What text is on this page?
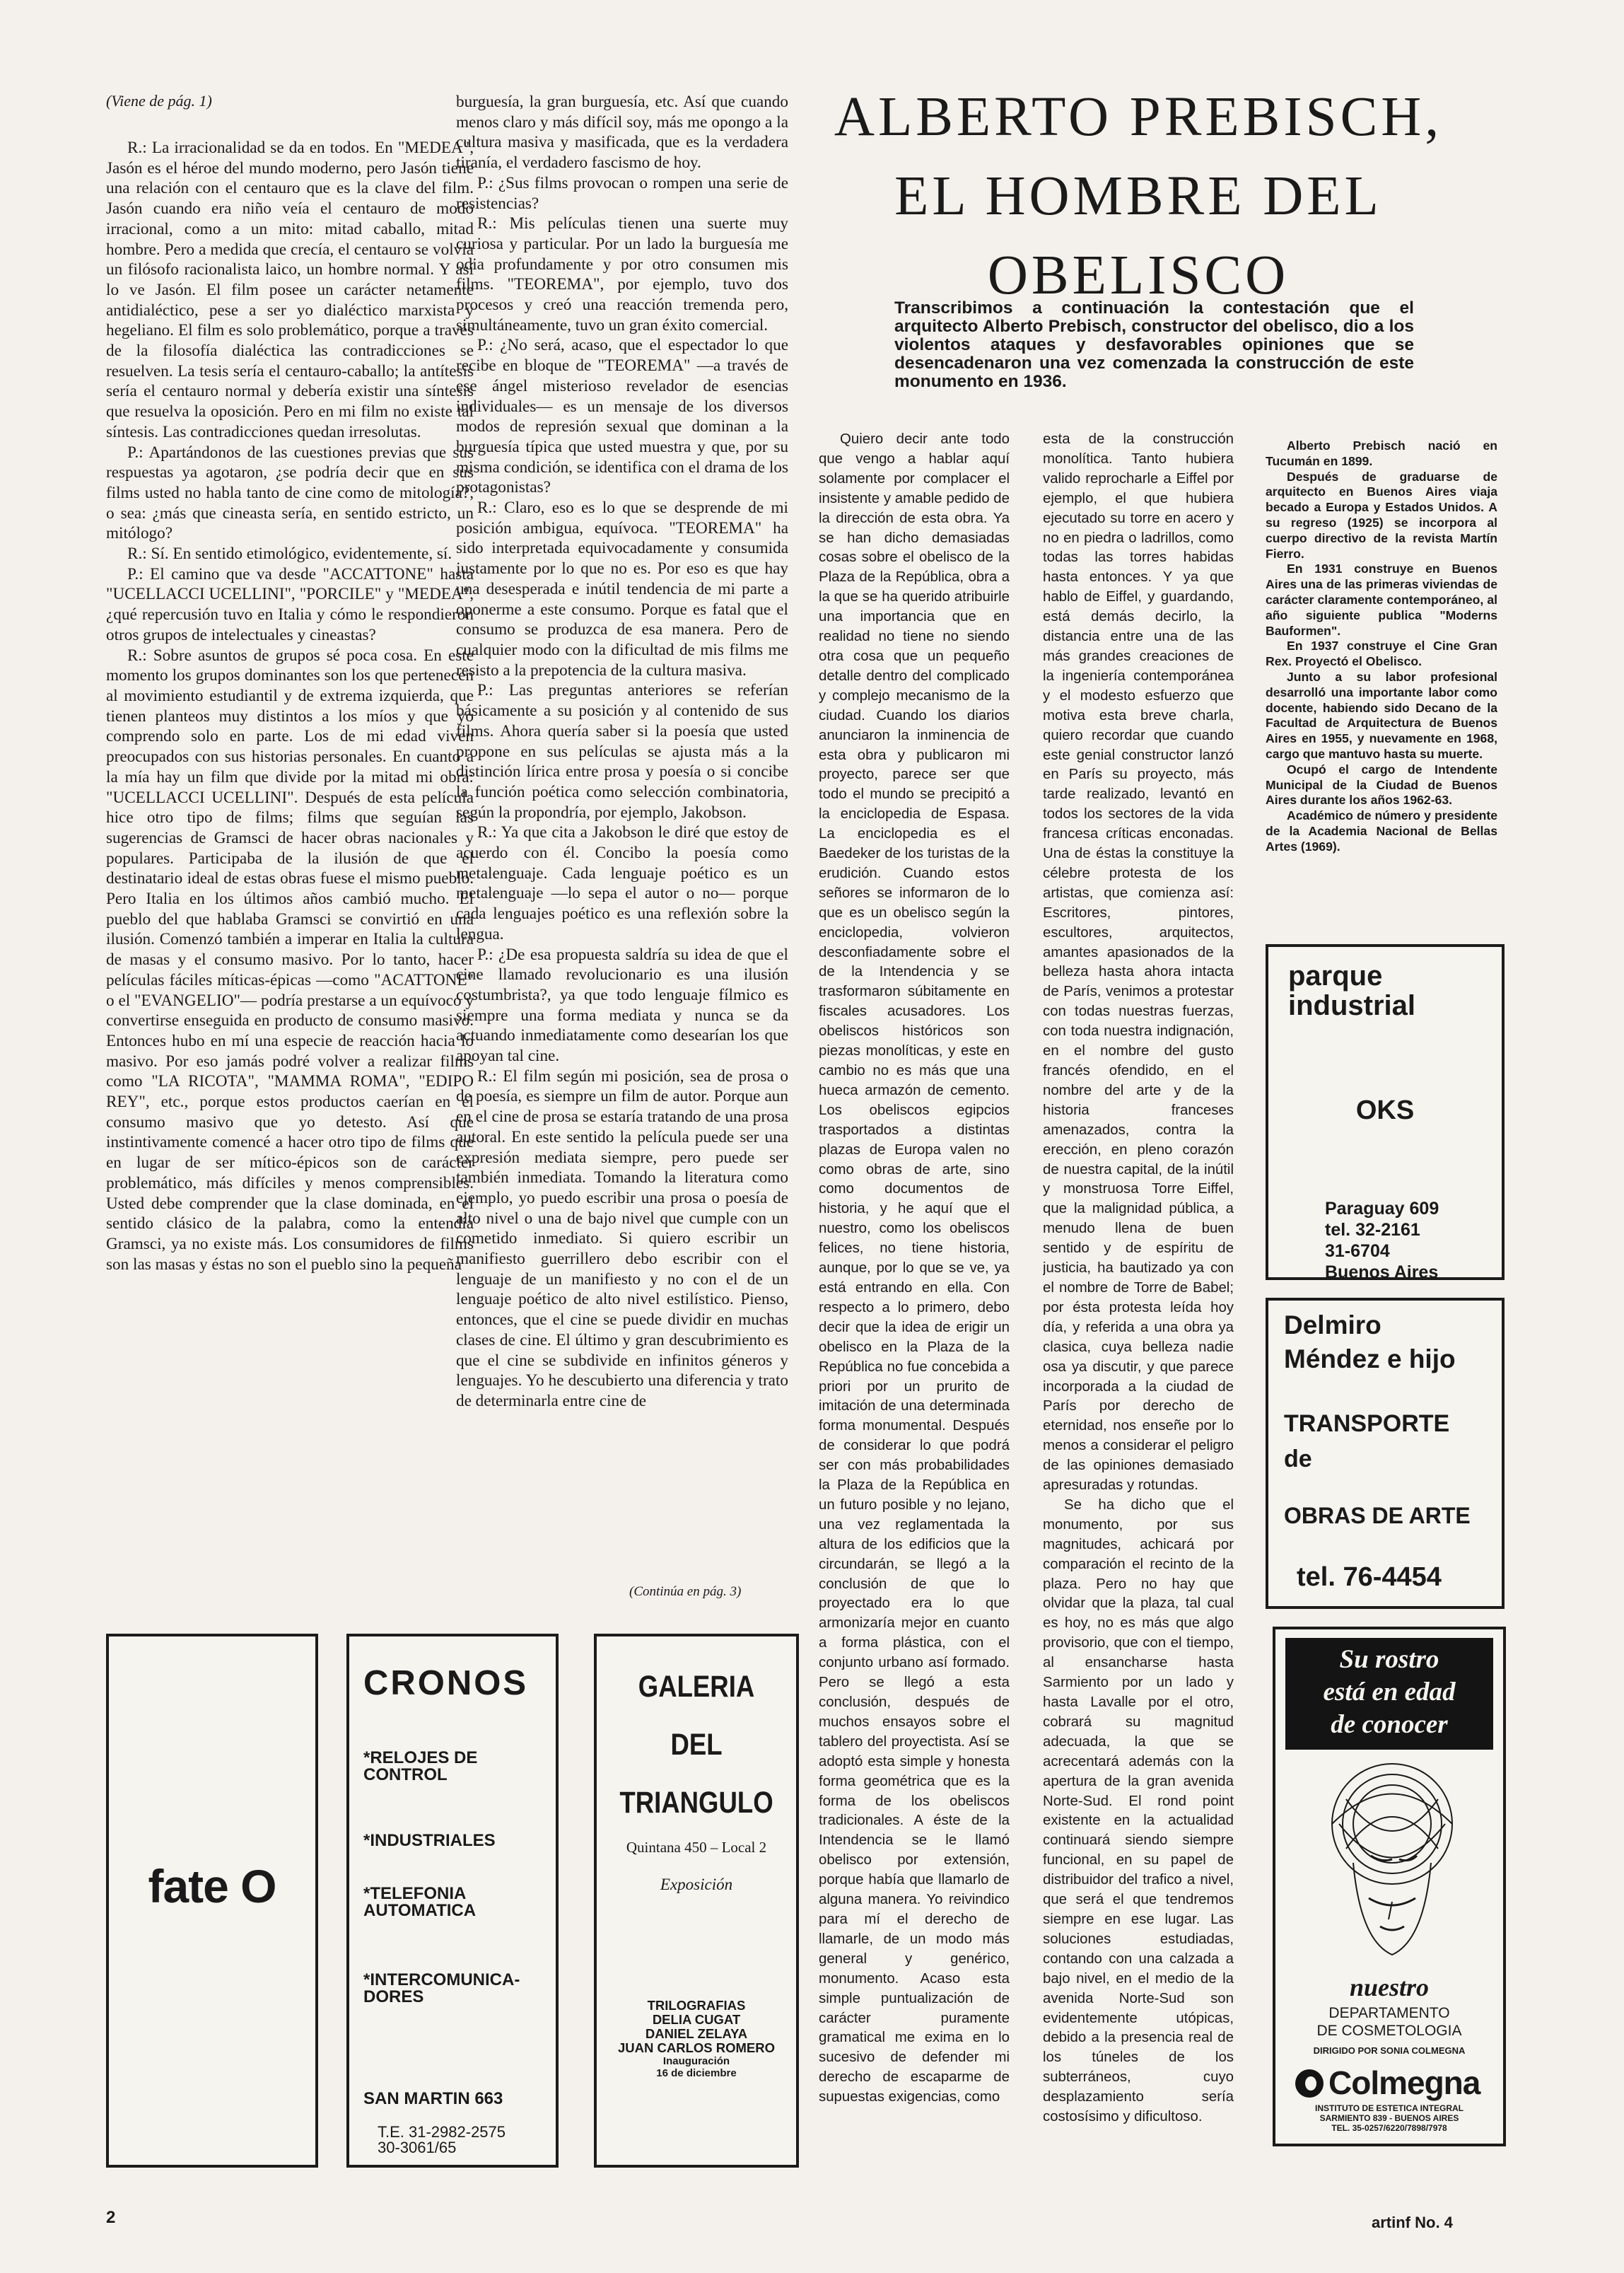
(Viene de pág. 1)

R.: La irracionalidad se da en todos. En "MEDEA", Jasón es el héroe del mundo moderno, pero Jasón tiene una relación con el centauro que es la clave del film. Jasón cuando era niño veía el centauro de modo irracional, como a un mito: mitad caballo, mitad hombre. Pero a medida que crecía, el centauro se volvía un filósofo racionalista laico, un hombre normal. Y así lo ve Jasón. El film posee un carácter netamente antidialéctico, pese a ser yo dialéctico marxista y hegeliano. El film es solo problemático, porque a través de la filosofía dialéctica las contradicciones se resuelven. La tesis sería el centauro-caballo; la antítesis sería el centauro normal y debería existir una síntesis que resuelva la oposición. Pero en mi film no existe tal síntesis. Las contradicciones quedan irresolutas.

P.: Apartándonos de las cuestiones previas que sus respuestas ya agotaron, ¿se podría decir que en sus films usted no habla tanto de cine como de mitología?, o sea: ¿más que cineasta sería, en sentido estricto, un mitólogo?

R.: Sí. En sentido etimológico, evidentemente, sí.

P.: El camino que va desde "ACCATTONE" hasta "UCELLACCI UCELLINI", "PORCILE" y "MEDEA", ¿qué repercusión tuvo en Italia y cómo le respondieron otros grupos de intelectuales y cineastas?

R.: Sobre asuntos de grupos sé poca cosa. En este momento los grupos dominantes son los que pertenecen al movimiento estudiantil y de extrema izquierda, que tienen planteos muy distintos a los míos y que yo comprendo solo en parte. Los de mi edad viven preocupados con sus historias personales. En cuanto a la mía hay un film que divide por la mitad mi obra: "UCELLACCI UCELLINI". Después de esta película hice otro tipo de films; films que seguían las sugerencias de Gramsci de hacer obras nacionales y populares. Participaba de la ilusión de que el destinatario ideal de estas obras fuese el mismo pueblo. Pero Italia en los últimos años cambió mucho. El pueblo del que hablaba Gramsci se convirtió en una ilusión. Comenzó también a imperar en Italia la cultura de masas y el consumo masivo. Por lo tanto, hacer películas fáciles míticas-épicas —como "ACATTONE" o el "EVANGELIO"— podría prestarse a un equívoco y convertirse enseguida en producto de consumo masivo. Entonces hubo en mí una especie de reacción hacia lo masivo. Por eso jamás podré volver a realizar films como "LA RICOTA", "MAMMA ROMA", "EDIPO REY", etc., porque estos productos caerían en el consumo masivo que yo detesto. Así que instintivamente comencé a hacer otro tipo de films que en lugar de ser mítico-épicos son de carácter problemático, más difíciles y menos comprensibles. Usted debe comprender que la clase dominada, en el sentido clásico de la palabra, como la entendía Gramsci, ya no existe más. Los consumidores de films son las masas y éstas no son el pueblo sino la pequeña

burguesía, la gran burguesía, etc. Así que cuando menos claro y más difícil soy, más me opongo a la cultura masiva y masificada, que es la verdadera tiranía, el verdadero fascismo de hoy.

P.: ¿Sus films provocan o rompen una serie de resistencias?

R.: Mis películas tienen una suerte muy curiosa y particular. Por un lado la burguesía me odia profundamente y por otro consumen mis films. "TEOREMA", por ejemplo, tuvo dos procesos y creó una reacción tremenda pero, simultáneamente, tuvo un gran éxito comercial.

P.: ¿No será, acaso, que el espectador lo que recibe en bloque de "TEOREMA" —a través de ese ángel misterioso revelador de esencias individuales— es un mensaje de los diversos modos de represión sexual que dominan a la burguesía típica que usted muestra y que, por su misma condición, se identifica con el drama de los protagonistas?

R.: Claro, eso es lo que se desprende de mi posición ambigua, equívoca. "TEOREMA" ha sido interpretada equivocadamente y consumida justamente por lo que no es. Por eso es que hay una desesperada e inútil tendencia de mi parte a oponerme a este consumo. Porque es fatal que el consumo se produzca de esa manera. Pero de cualquier modo con la dificultad de mis films me resisto a la prepotencia de la cultura masiva.

P.: Las preguntas anteriores se referían básicamente a su posición y al contenido de sus films. Ahora quería saber si la poesía que usted propone en sus películas se ajusta más a la distinción lírica entre prosa y poesía o si concibe la función poética como selección combinatoria, según la propondría, por ejemplo, Jakobson.

R.: Ya que cita a Jakobson le diré que estoy de acuerdo con él. Concibo la poesía como metalenguaje. Cada lenguaje poético es un metalenguaje —lo sepa el autor o no— porque cada lenguajes poético es una reflexión sobre la lengua.

P.: ¿De esa propuesta saldría su idea de que el cine llamado revolucionario es una ilusión costumbrista?, ya que todo lenguaje fílmico es siempre una forma mediata y nunca se da actuando inmediatamente como desearían los que apoyan tal cine.

R.: El film según mi posición, sea de prosa o de poesía, es siempre un film de autor. Porque aun en el cine de prosa se estaría tratando de una prosa autoral. En este sentido la película puede ser una expresión mediata siempre, pero puede ser también inmediata. Tomando la literatura como ejemplo, yo puedo escribir una prosa o poesía de alto nivel o una de bajo nivel que cumple con un cometido inmediato. Si quiero escribir un manifiesto guerrillero debo escribir con el lenguaje de un manifiesto y no con el de un lenguaje poético de alto nivel estilístico. Pienso, entonces, que el cine se puede dividir en muchas clases de cine. El último y gran descubrimiento es que el cine se subdivide en infinitos géneros y lenguajes. Yo he descubierto una diferencia y trato de determinarla entre cine de

(Continúa en pág. 3)
ALBERTO PREBISCH,
EL HOMBRE DEL
OBELISCO
Transcribimos a continuación la contestación que el arquitecto Alberto Prebisch, constructor del obelisco, dio a los violentos ataques y desfavorables opiniones que se desencadenaron una vez comenzada la construcción de este monumento en 1936.

Quiero decir ante todo que vengo a hablar aquí solamente por complacer el insistente y amable pedido de la dirección de esta obra. Ya se han dicho demasiadas cosas sobre el obelisco de la Plaza de la República, obra a la que se ha querido atribuirle una importancia que en realidad no tiene no siendo otra cosa que un pequeño detalle dentro del complicado y complejo mecanismo de la ciudad. Cuando los diarios anunciaron la inminencia de esta obra y publicaron mi proyecto, parece ser que todo el mundo se precipitó a la enciclopedia de Espasa. La enciclopedia es el Baedeker de los turistas de la erudición. Cuando estos señores se informaron de lo que es un obelisco según la enciclopedia, volvieron desconfiadamente sobre el de la Intendencia y se trasformaron súbitamente en fiscales acusadores. Los obeliscos históricos son piezas monolíticas, y este en cambio no es más que una hueca armazón de cemento. Los obeliscos egipcios trasportados a distintas plazas de Europa valen no como obras de arte, sino como documentos de historia, y he aquí que el nuestro, como los obeliscos felices, no tiene historia, aunque, por lo que se ve, ya está entrando en ella. Con respecto a lo primero, debo decir que la idea de erigir un obelisco en la Plaza de la República no fue concebida a priori por un prurito de imitación de una determinada forma monumental. Después de considerar lo que podrá ser con más probabilidades la Plaza de la República en un futuro posible y no lejano, una vez reglamentada la altura de los edificios que la circundarán, se llegó a la conclusión de que lo proyectado era lo que armonizaría mejor en cuanto a forma plástica, con el conjunto urbano así formado. Pero se llegó a esta conclusión, después de muchos ensayos sobre el tablero del proyectista. Así se adoptó esta simple y honesta forma geométrica que es la forma de los obeliscos tradicionales. A éste de la Intendencia se le llamó obelisco por extensión, porque había que llamarlo de alguna manera. Yo reivindico para mí el derecho de llamarle, de un modo más general y genérico, monumento. Acaso esta simple puntualización de carácter puramente gramatical me exima en lo sucesivo de defender mi derecho de escaparme de supuestas exigencias, como

esta de la construcción monolítica. Tanto hubiera valido reprocharle a Eiffel por ejemplo, el que hubiera ejecutado su torre en acero y no en piedra o ladrillos, como todas las torres habidas hasta entonces. Y ya que hablo de Eiffel, y guardando, está demás decirlo, la distancia entre una de las más grandes creaciones de la ingeniería contemporánea y el modesto esfuerzo que motiva esta breve charla, quiero recordar que cuando este genial constructor lanzó en París su proyecto, más tarde realizado, levantó en todos los sectores de la vida francesa críticas enconadas. Una de éstas la constituye la célebre protesta de los artistas, que comienza así: Escritores, pintores, escultores, arquitectos, amantes apasionados de la belleza hasta ahora intacta de París, venimos a protestar con todas nuestras fuerzas, con toda nuestra indignación, en el nombre del gusto francés ofendido, en el nombre del arte y de la historia franceses amenazados, contra la erección, en pleno corazón de nuestra capital, de la inútil y monstruosa Torre Eiffel, que la malignidad pública, a menudo llena de buen sentido y de espíritu de justicia, ha bautizado ya con el nombre de Torre de Babel; por ésta protesta leída hoy día, y referida a una obra ya clasica, cuya belleza nadie osa ya discutir, y que parece incorporada a la ciudad de París por derecho de eternidad, nos enseñe por lo menos a considerar el peligro de las opiniones demasiado apresuradas y rotundas.

Se ha dicho que el monumento, por sus magnitudes, achicará por comparación el recinto de la plaza. Pero no hay que olvidar que la plaza, tal cual es hoy, no es más que algo provisorio, que con el tiempo, al ensancharse hasta Sarmiento por un lado y hasta Lavalle por el otro, cobrará su magnitud adecuada, la que se acrecentará además con la apertura de la gran avenida Norte-Sud. El rond point existente en la actualidad continuará siendo siempre funcional, en su papel de distribuidor del trafico a nivel, que será el que tendremos siempre en ese lugar. Las soluciones estudiadas, contando con una calzada a bajo nivel, en el medio de la avenida Norte-Sud son evidentemente utópicas, debido a la presencia real de los túneles de los subterráneos, cuyo desplazamiento sería costosísimo y dificultoso.

Alberto Prebisch nació en Tucumán en 1899.

Después de graduarse de arquitecto en Buenos Aires viaja becado a Europa y Estados Unidos. A su regreso (1925) se incorpora al cuerpo directivo de la revista Martín Fierro.

En 1931 construye en Buenos Aires una de las primeras viviendas de carácter claramente contemporáneo, al año siguiente publica "Moderns Bauformen".

En 1937 construye el Cine Gran Rex. Proyectó el Obelisco.

Junto a su labor profesional desarrolló una importante labor como docente, habiendo sido Decano de la Facultad de Arquitectura de Buenos Aires en 1955, y nuevamente en 1968, cargo que mantuvo hasta su muerte.

Ocupó el cargo de Intendente Municipal de la Ciudad de Buenos Aires durante los años 1962-63.

Académico de número y presidente de la Academia Nacional de Bellas Artes (1969).

parque
industrial
OKS
Paraguay 609
tel. 32-2161
31-6704
Buenos Aires
Delmiro
Méndez e hijo
TRANSPORTE
de
OBRAS DE ARTE
tel. 76-4454
Su rostro
está en edad
de conocer
nuestro
DEPARTAMENTO
DE COSMETOLOGIA
DIRIGIDO POR SONIA COLMEGNA
Colmegna
INSTITUTO DE ESTETICA INTEGRAL
SARMIENTO 839 - BUENOS AIRES
TEL. 35-0257/6220/7898/7978
fate O
CRONOS
*RELOJES DE CONTROL
*INDUSTRIALES
*TELEFONIA AUTOMATICA
*INTERCOMUNICA-DORES
SAN MARTIN 663
T.E. 31-2982-2575
30-3061/65
GALERIA
DEL
TRIANGULO
Quintana 450 – Local 2
Exposición
TRILOGRAFIAS
DELIA CUGAT
DANIEL ZELAYA
JUAN CARLOS ROMERO
Inauguración
16 de diciembre
2	artinf No. 4
